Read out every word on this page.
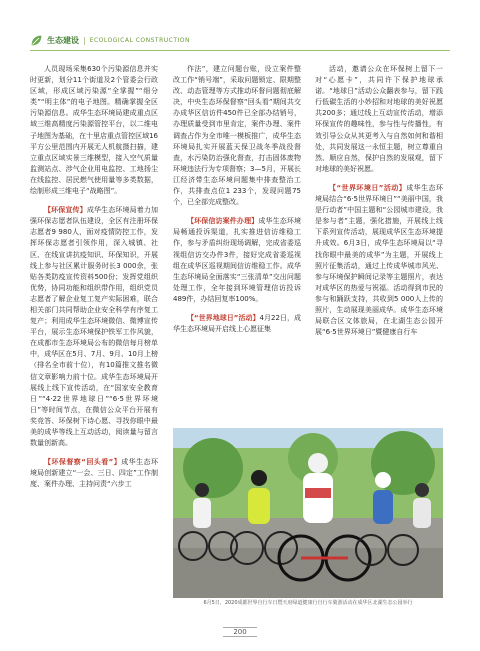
生态建设 | ECOLOGICAL CONSTRUCTION

人员现场采集630个污染源信息并实时更新，划分11个街道及2个管委会行政区域，形成区域污染源“全掌握”“细分类”“明主体”的电子地图。精确掌握全区污染源信息。成华生态环境局建成重点区域三维高精度污染源管控平台，以二维电子地图为基础，在十里店重点管控区域16平方公里范围内开展无人机航摄扫描，建立重点区域实景三维模型，接入空气质量监测站点、涉气企业用电监控、工地扬尘在线监控、居民燃气使用量等多类数据，绘制形成三维电子“战略图”。

【环保宣传】成华生态环境局着力加强环保志愿者队伍建设，全区有注册环保志愿者9 980人，面对疫情防控工作，发挥环保志愿者引领作用，深入城镇、社区、在线宣讲抗疫知识、环保知识，开展线上参与社区累计服务时长3 000余，张贴各类防疫宣传资料500份；发挥党组织优势，协同功能和组织带作用，组织党员志愿者了解企业复工复产实际困难，联合相关部门共同帮助企业安全科学有序复工复产；利用成华生态环境微信、微博宣传平台，展示生态环境保护铁军工作风貌，在成都市生态环境局公布的微信每月榜单中，成华区在5月、7月、9月、10月上榜（排名全市前十位），有10篇推文推名微信文章影响力前十位。成华生态环境局开展线上线下宣传活动，在“国家安全教育日”“4·22世界地球日”“6·5世界环境日”等时间节点，在微信公众平台开展有奖竞答、环保树下诗心愿、寻找你眼中最美的成华等线上互动活动，阅读量与留言数量创新高。

【环保督察“回头看”】成华生态环境局创新建立“一会、三日、四定”工作制度、案件办理、主持问责“六步工

作法”，建立问题台账，设立案件整改工作“销号端”，采取问题锁定、限期整改、动态管理等方式推动环督问题彻底解决，中央生态环保督察“回头看”期间共交办成华区信访件450件已全部办结销号，办理质量受到市里肯定，案件办理、案件调查占作为全市唯一模板推广，成华生态环境局扎实开展蓝天保卫战冬季战役督查，水污染防治强化督查，打击固体废物环境违法行为专项督察；3—5月，开展长江经济带生态环境问题集中排查整治工作，共排查点位1 233个，发现问题75个，已全部完成整改。

【环保信访案件办理】成华生态环境局畅通投诉渠道，扎实推进信访维稳工作，参与矛盾纠纷现场调解，完成省委巡视组信访交办件3件，接好完成省委巡视组在成华区巡视期间信访维稳工作。成华生态环境局全面落实“三张清单”交出问题处理工作，全年接到环境管理信访投诉489件，办结回复率100%。

【“世界地球日”活动】4月22日，成华生态环境局开启线上心愿征集

活动，邀请公众在环保树上留下一对“心愿卡”，共同许下保护地球承诺。“地球日”活动公众翻表参与，留下践行低碳生活的小妙招和对地球的美好祝愿共200多；通过线上互动宣传活动，增添环保宣传的趣味性，参与性与传播性，有效引导公众从其更考入与自然如何和谐相处，共同发展这一永恒主题，树立尊重自然、顺应自然，保护自然的发展观，留下对地球的美好祝愿。

【“世界环境日”活动】成华生态环境局结合“6·5世界环境日”“美丽中国，我是行动者”中国主题和“公园城市建设，我是参与者”主题，强化措施，开展线上线下系列宣传活动，展现成华区生态环境提升成效。6月3日，成华生态环境局以“寻找你眼中最美的成华”为主题，开展线上照片征集活动，通过上传成华城市风光、参与环境保护瞬间记录等主题照片，表达对成华区的热爱与祝福。活动得到市民的参与和踊跃支持，共收到5 000人上传的照片，生动展现美丽成华。成华生态环境局联合区文体旅局，在北湖生态公园开展“6·5世界环境日”暨健康自行车

6月5日，2020成都世界自行车日暨天府绿道健康行自行车骑游活动在成华区北湖生态公园举行
200
